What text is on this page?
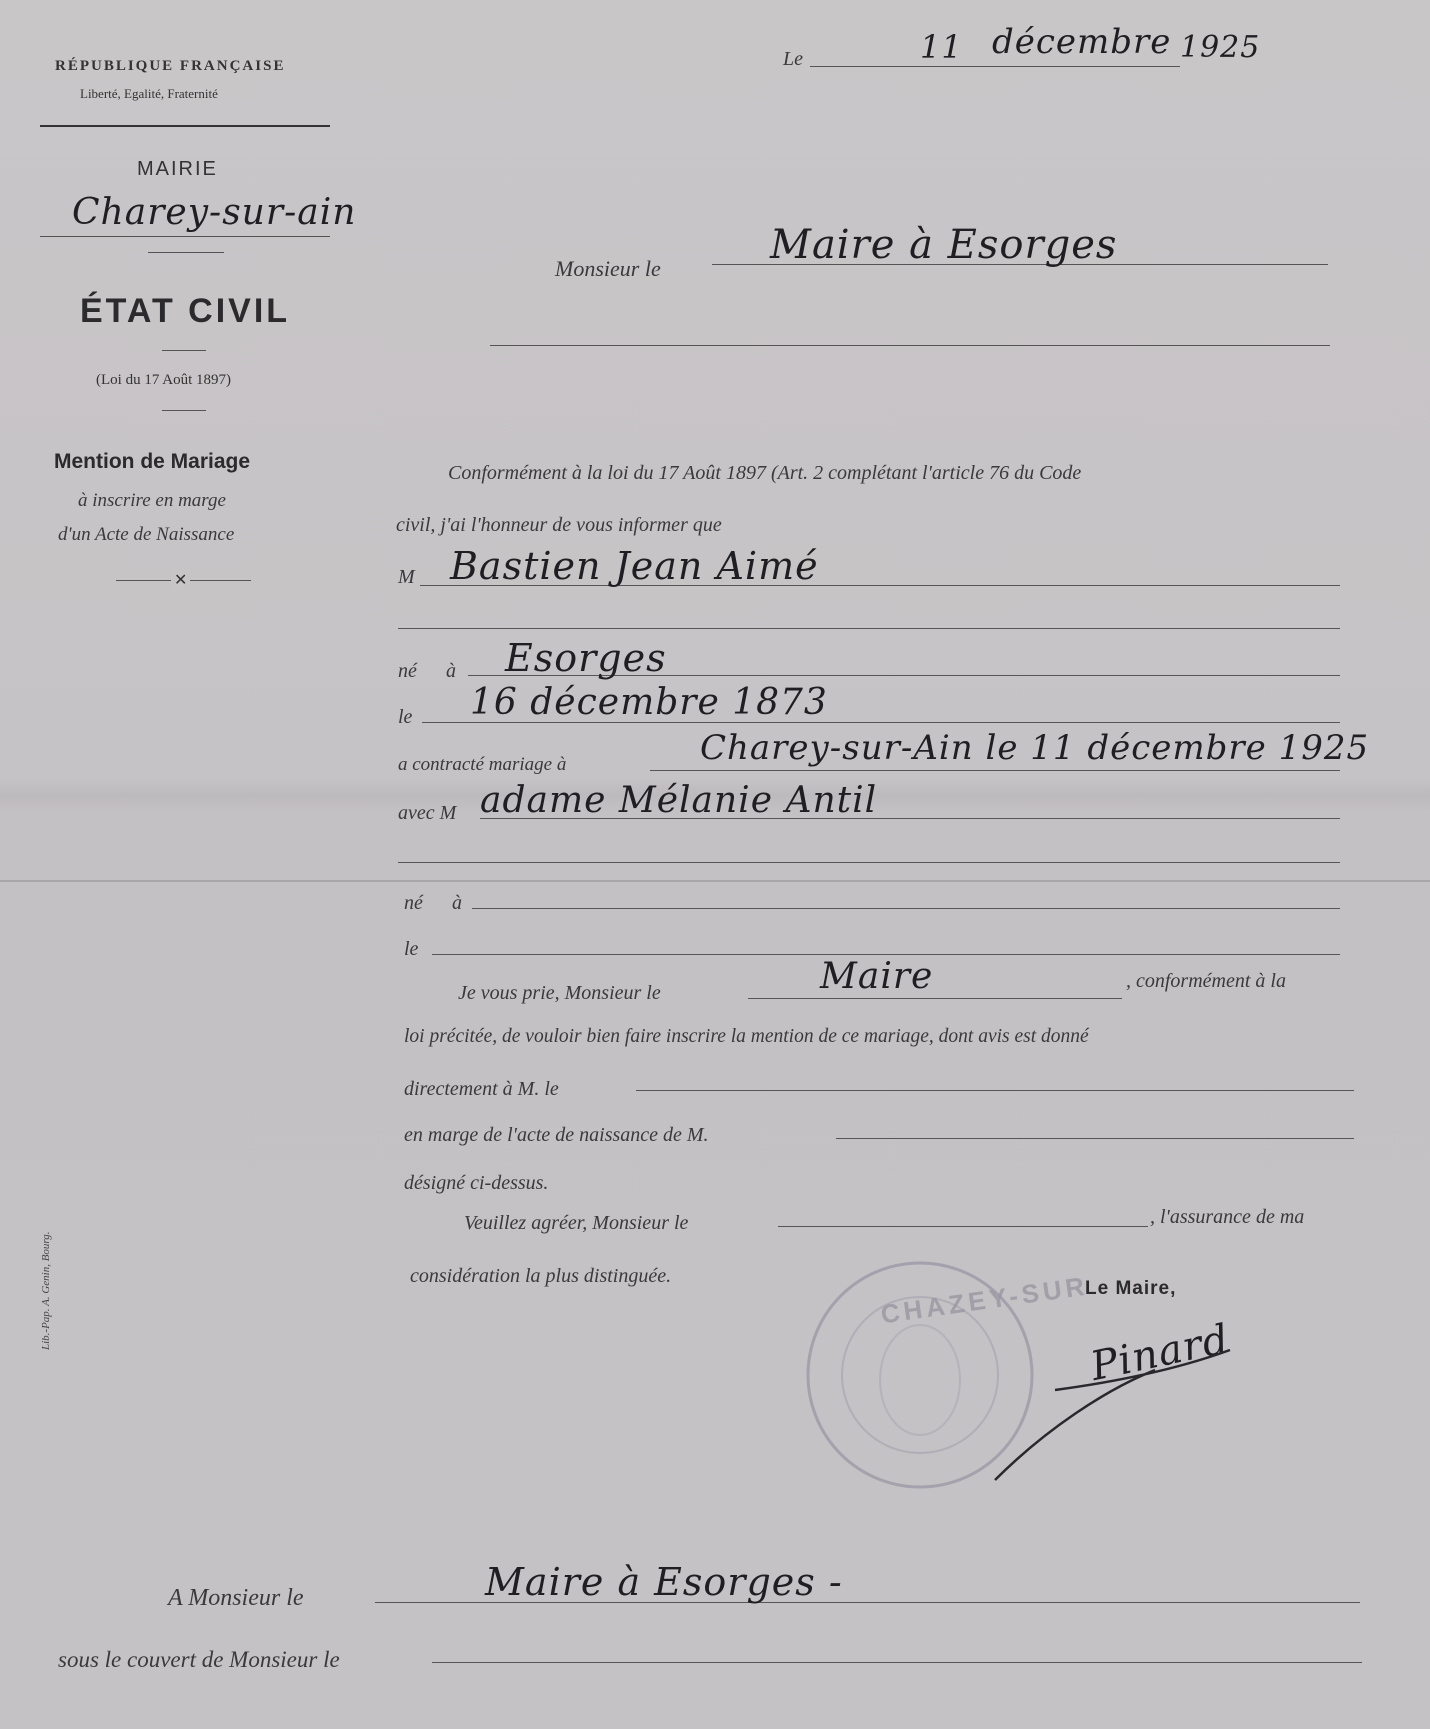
RÉPUBLIQUE FRANÇAISE
Liberté, Egalité, Fraternité
MAIRIE
Charey-sur-ain
ÉTAT CIVIL
(Loi du 17 Août 1897)
Mention de Mariage
à inscrire en marge
d'un Acte de Naissance
✕
Le	11 décembre 1925
Monsieur le
Maire à Esorges
Conformément à la loi du 17 Août 1897 (Art. 2 complétant l'article 76 du Code
civil, j'ai l'honneur de vous informer que
M Bastien Jean Aimé
né à Esorges
le 16 décembre 1873
a contracté mariage à	Charey-sur-Ain le 11 décembre 1925
avec M adame Mélanie Antil
né à
le
Je vous prie, Monsieur le	Maire	, conformément à la
loi précitée, de vouloir bien faire inscrire la mention de ce mariage, dont avis est donné
directement à M. le
en marge de l'acte de naissance de M.
désigné ci-dessus.
Veuillez agréer, Monsieur le	, l'assurance de ma
considération la plus distinguée.	CHAZEY-SUR
Le Maire,
Pinard
A Monsieur le	Maire à Esorges -
sous le couvert de Monsieur le
Lib.-Pap. A. Genin, Bourg.
